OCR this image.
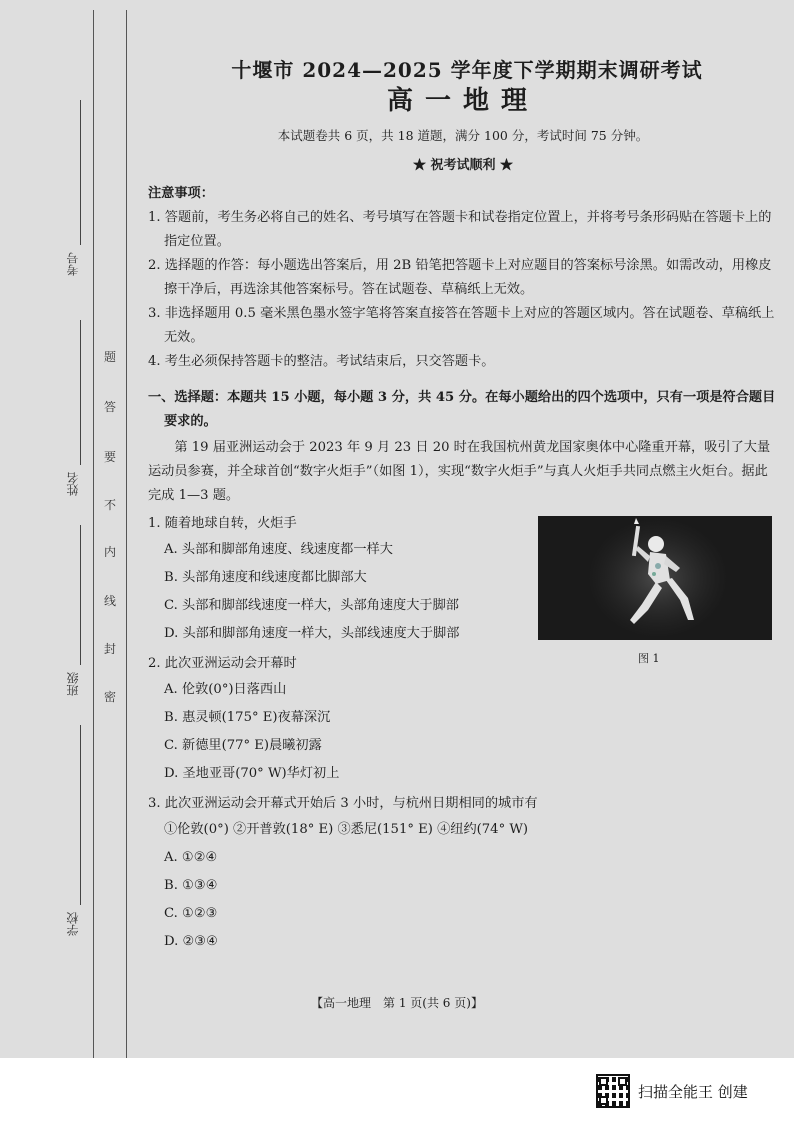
考号
姓名
班级
学校
题
答
要
不
内
线
封
密
十堰市 2024—2025 学年度下学期期末调研考试
高一地理
本试题卷共 6 页，共 18 道题，满分 100 分，考试时间 75 分钟。
★ 祝考试顺利 ★
注意事项：
1. 答题前，考生务必将自己的姓名、考号填写在答题卡和试卷指定位置上，并将考号条形码贴在答题卡上的指定位置。
2. 选择题的作答：每小题选出答案后，用 2B 铅笔把答题卡上对应题目的答案标号涂黑。如需改动，用橡皮擦干净后，再选涂其他答案标号。答在试题卷、草稿纸上无效。
3. 非选择题用 0.5 毫米黑色墨水签字笔将答案直接答在答题卡上对应的答题区域内。答在试题卷、草稿纸上无效。
4. 考生必须保持答题卡的整洁。考试结束后，只交答题卡。
一、选择题：本题共 15 小题，每小题 3 分，共 45 分。在每小题给出的四个选项中，只有一项是符合题目要求的。
第 19 届亚洲运动会于 2023 年 9 月 23 日 20 时在我国杭州黄龙国家奥体中心隆重开幕，吸引了大量运动员参赛，并全球首创“数字火炬手”（如图 1），实现“数字火炬手”与真人火炬手共同点燃主火炬台。据此完成 1—3 题。
1. 随着地球自转，火炬手
A. 头部和脚部角速度、线速度都一样大
B. 头部角速度和线速度都比脚部大
C. 头部和脚部线速度一样大，头部角速度大于脚部
D. 头部和脚部角速度一样大，头部线速度大于脚部
2. 此次亚洲运动会开幕时
A. 伦敦(0°)日落西山
B. 惠灵顿(175° E)夜幕深沉
C. 新德里(77° E)晨曦初露
D. 圣地亚哥(70° W)华灯初上
3. 此次亚洲运动会开幕式开始后 3 小时，与杭州日期相同的城市有
①伦敦(0°) ②开普敦(18° E) ③悉尼(151° E) ④纽约(74° W)
A. ①②④
B. ①③④
C. ①②③
D. ②③④
图 1
【高一地理　第 1 页(共 6 页)】
扫描全能王 创建
